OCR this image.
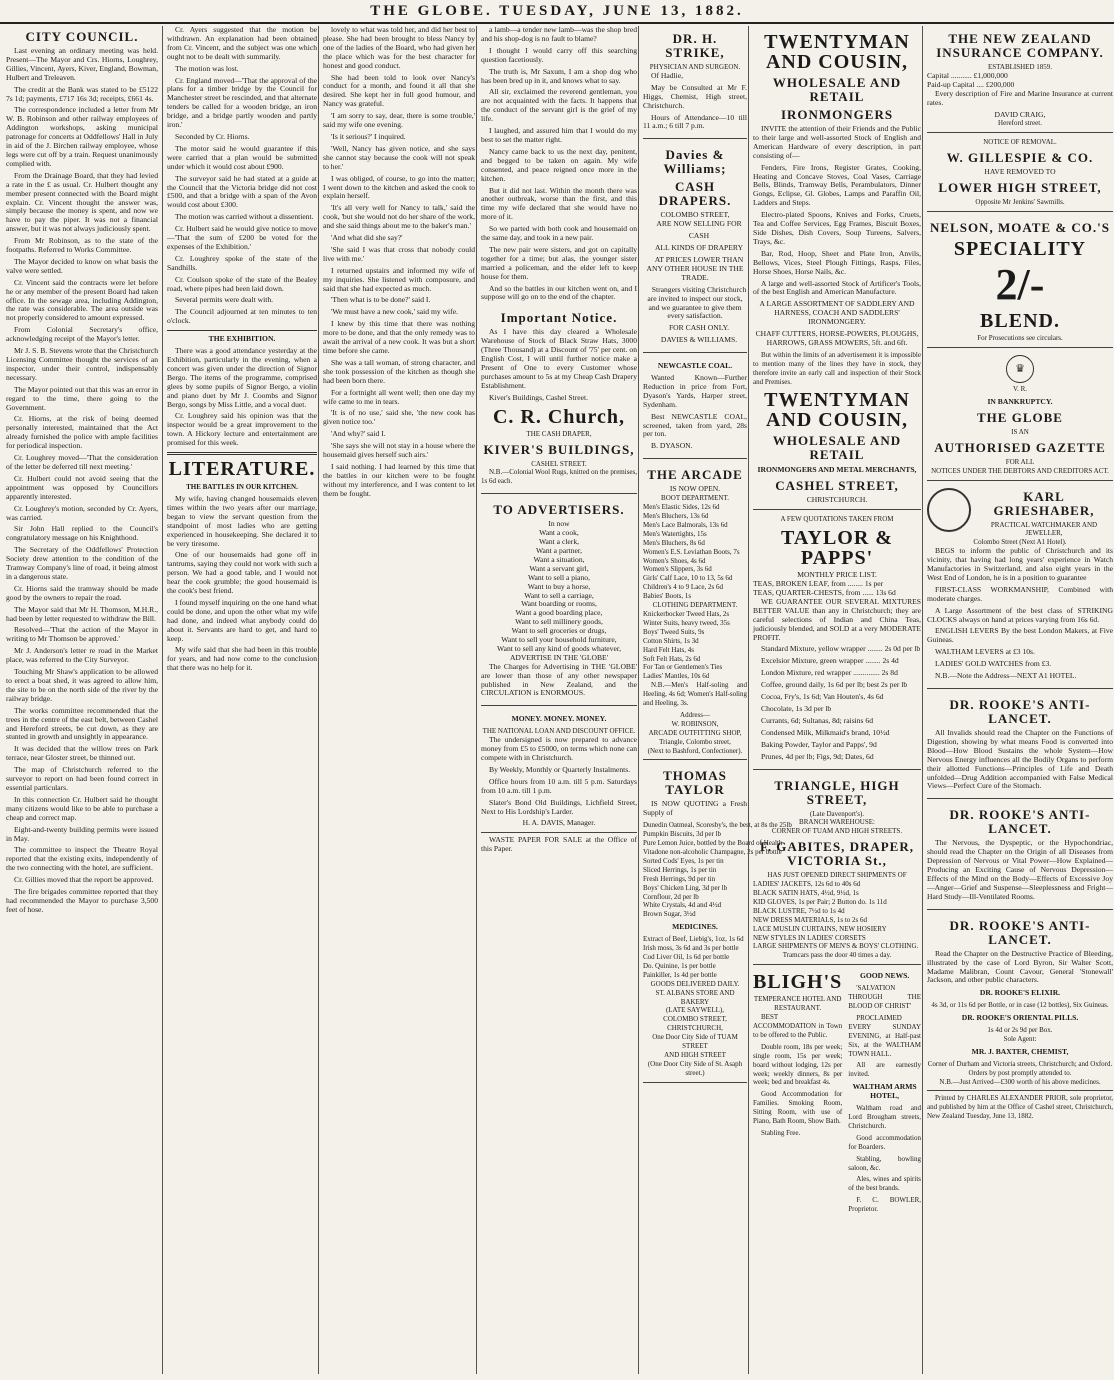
THE GLOBE. TUESDAY, JUNE 13, 1882.
CITY COUNCIL.

Last evening an ordinary meeting was held. Present—The Mayor and Crs. Hiorns, Loughrey, Gillies, Vincent, Ayers, Kiver, England, Bowman, Hulbert and Treleaven.

The credit at the Bank was stated to be £5122 7s 1d; payments, £717 16s 3d; receipts, £661 4s.

The correspondence included a letter from Mr W. B. Robinson and other railway employees of Addington workshops, asking municipal patronage for concerts at Oddfellows' Hall in July in aid of the J. Birchen railway employee, whose legs were cut off by a train. Request unanimously complied with.

From the Drainage Board, that they had levied a rate in the £ as usual. Cr. Hulbert thought any member present connected with the Board might explain. Cr. Vincent thought the answer was, simply because the money is spent, and now we have to pay the piper. It was not a financial answer, but it was not always judiciously spent.

From Mr Robinson, as to the state of the footpaths. Referred to Works Committee.

The Mayor decided to know on what basis the valve were settled.

Cr. Vincent said the contracts were let before he or any member of the present Board had taken office. In the sewage area, including Addington, the rate was considerable. The area outside was not properly considered to amount expressed.

From Colonial Secretary's office, acknowledging receipt of the Mayor's letter.

Mr J. S. B. Stevens wrote that the Christchurch Licensing Committee thought the services of an inspector, under their control, indispensably necessary.

The Mayor pointed out that this was an error in regard to the time, there going to the Government.

Cr. Hiorns, at the risk of being deemed personally interested, maintained that the Act already furnished the police with ample facilities for periodical inspection.

Cr. Loughrey moved—'That the consideration of the letter be deferred till next meeting.'

Cr. Hulbert could not avoid seeing that the appointment was opposed by Councillors apparently interested.

Cr. Loughrey's motion, seconded by Cr. Ayers, was carried.

Sir John Hall replied to the Council's congratulatory message on his Knighthood.

The Secretary of the Oddfellows' Protection Society drew attention to the condition of the Tramway Company's line of road, it being almost in a dangerous state.

Cr. Hiorns said the tramway should be made good by the owners to repair the road.

The Mayor said that Mr H. Thomson, M.H.R., had been by letter requested to withdraw the Bill.

Resolved—'That the action of the Mayor in writing to Mr Thomson be approved.'

Mr J. Anderson's letter re road in the Market place, was referred to the City Surveyor.

Touching Mr Shaw's application to be allowed to erect a boat shed, it was agreed to allow him, the site to be on the north side of the river by the railway bridge.

The works committee recommended that the trees in the centre of the east belt, between Cashel and Hereford streets, be cut down, as they are stunted in growth and unsightly in appearance.

It was decided that the willow trees on Park terrace, near Gloster street, be thinned out.

The map of Christchurch referred to the surveyor to report on had been found correct in essential particulars.

In this connection Cr. Hulbert said he thought many citizens would like to be able to purchase a cheap and correct map.

Eight-and-twenty building permits were issued in May.

The committee to inspect the Theatre Royal reported that the existing exits, independently of the two connecting with the hotel, are sufficient.

Cr. Gillies moved that the report be approved.

The fire brigades committee reported that they had recommended the Mayor to purchase 3,500 feet of hose.

Cr. Ayers suggested that the motion be withdrawn. An explanation had been obtained from Cr. Vincent, and the subject was one which ought not to be dealt with summarily.

The motion was lost.

Cr. England moved—'That the approval of the plans for a timber bridge by the Council for Manchester street be rescinded, and that alternate tenders be called for a wooden bridge, an iron bridge, and a bridge partly wooden and partly iron.'

Seconded by Cr. Hiorns.

The motor said he would guarantee if this were carried that a plan would be submitted under which it would cost about £900.

The surveyor said he had stated at a guide at the Council that the Victoria bridge did not cost £500, and that a bridge with a span of the Avon would cost about £300.

The motion was carried without a dissentient.

Cr. Hulbert said he would give notice to move—'That the sum of £200 be voted for the expenses of the Exhibition.'

Cr. Loughrey spoke of the state of the Sandhills.

Cr. Coulson spoke of the state of the Bealey road, where pipes had been laid down.

Several permits were dealt with.

The Council adjourned at ten minutes to ten o'clock.

THE EXHIBITION.

There was a good attendance yesterday at the Exhibition, particularly in the evening, when a concert was given under the direction of Signor Bergo. The items of the programme, comprised glees by some pupils of Signor Bergo, a violin and piano duet by Mr J. Coombs and Signor Bergo, songs by Miss Little, and a vocal duet.

Cr. Loughrey said his opinion was that the inspector would be a great improvement to the town. A Hickory lecture and entertainment are promised for this week.

LITERATURE.
THE BATTLES IN OUR KITCHEN.

My wife, having changed housemaids eleven times within the two years after our marriage, began to view the servant question from the standpoint of most ladies who are getting experienced in housekeeping. She declared it to be very tiresome.

One of our housemaids had gone off in tantrums, saying they could not work with such a person. We had a good table, and I would not hear the cook grumble; the good housemaid is the cook's best friend.

I found myself inquiring on the one hand what could be done, and upon the other what my wife had done, and indeed what anybody could do about it. Servants are hard to get, and hard to keep.

My wife said that she had been in this trouble for years, and had now come to the conclusion that there was no help for it.

lovely to what was told her, and did her best to please. She had been brought to bless Nancy by one of the ladies of the Board, who had given her the place which was for the best character for honest and good conduct.

She had been told to look over Nancy's conduct for a month, and found it all that she desired. She kept her in full good humour, and Nancy was grateful.

'I am sorry to say, dear, there is some trouble,' said my wife one evening.

'Is it serious?' I inquired.

'Well, Nancy has given notice, and she says she cannot stay because the cook will not speak to her.'

I was obliged, of course, to go into the matter; I went down to the kitchen and asked the cook to explain herself.

'It's all very well for Nancy to talk,' said the cook, 'but she would not do her share of the work, and she said things about me to the baker's man.'

'And what did she say?'

'She said I was that cross that nobody could live with me.'

I returned upstairs and informed my wife of my inquiries. She listened with composure, and said that she had expected as much.

'Then what is to be done?' said I.

'We must have a new cook,' said my wife.

I knew by this time that there was nothing more to be done, and that the only remedy was to await the arrival of a new cook. It was but a short time before she came.

She was a tall woman, of strong character, and she took possession of the kitchen as though she had been born there.

For a fortnight all went well; then one day my wife came to me in tears.

'It is of no use,' said she, 'the new cook has given notice too.'

'And why?' said I.

'She says she will not stay in a house where the housemaid gives herself such airs.'

I said nothing. I had learned by this time that the battles in our kitchen were to be fought without my interference, and I was content to let them be fought.

a lamb—a tender new lamb—was the shop bred and his shop-dog is no fault to blame?

I thought I would carry off this searching question facetiously.

The truth is, Mr Saxum, I am a shop dog who has been bred up in it, and knows what to say.

All sir, exclaimed the reverend gentleman, you are not acquainted with the facts. It happens that the conduct of the servant girl is the grief of my life.

I laughed, and assured him that I would do my best to set the matter right.

Nancy came back to us the next day, penitent, and begged to be taken on again. My wife consented, and peace reigned once more in the kitchen.

But it did not last. Within the month there was another outbreak, worse than the first, and this time my wife declared that she would have no more of it.

So we parted with both cook and housemaid on the same day, and took in a new pair.

The new pair were sisters, and got on capitally together for a time; but alas, the younger sister married a policeman, and the elder left to keep house for them.

And so the battles in our kitchen went on, and I suppose will go on to the end of the chapter.

Important Notice.

As I have this day cleared a Wholesale Warehouse of Stock of Black Straw Hats, 3000 (Three Thousand) at a Discount of '75' per cent. on English Cost, I will until further notice make a Present of One to every Customer whose purchases amount to 5s at my Cheap Cash Drapery Establishment.

Kiver's Buildings, Cashel Street.

C. R. Church,
THE CASH DRAPER,
KIVER'S BUILDINGS,
CASHEL STREET.

N.B.—Colonial Wool Rugs, knitted on the premises, 1s 6d each.

TO ADVERTISERS.
In now
Want a cook,
Want a clerk,
Want a partner,
Want a situation,
Want a servant girl,
Want to sell a piano,
Want to buy a horse,
Want to sell a carriage,
Want boarding or rooms,
Want a good boarding place,
Want to sell millinery goods,
Want to sell groceries or drugs,
Want to sell your household furniture,
Want to sell any kind of goods whatever,
ADVERTISE IN THE 'GLOBE'

The Charges for Advertising in THE 'GLOBE' are lower than those of any other newspaper published in New Zealand, and the CIRCULATION is ENORMOUS.

MONEY. MONEY. MONEY.
THE NATIONAL LOAN AND DISCOUNT OFFICE.

The undersigned is now prepared to advance money from £5 to £5000, on terms which none can compete with in Christchurch.

By Weekly, Monthly or Quarterly Instalments.

Office hours from 10 a.m. till 5 p.m. Saturdays from 10 a.m. till 1 p.m.

Slater's Bond Old Buildings, Lichfield Street, Next to His Lordship's Larder.

H. A. DAVIS, Manager.

WASTE PAPER FOR SALE at the Office of this Paper.

DR. H. STRIKE,
PHYSICIAN AND SURGEON.

Of Hadlie,

May be Consulted at Mr F. Higgs, Chemist, High street, Christchurch.

Hours of Attendance—10 till 11 a.m.; 6 till 7 p.m.

Davies & Williams;
CASH DRAPERS.
COLOMBO STREET,

ARE NOW SELLING FOR

CASH

ALL KINDS OF DRAPERY

AT PRICES LOWER THAN ANY OTHER HOUSE IN THE TRADE.

Strangers visiting Christchurch are invited to inspect our stock, and we guarantee to give them every satisfaction.

FOR CASH ONLY.

DAVIES & WILLIAMS.

NEWCASTLE COAL.

Wanted Known—Further Reduction in price from Fort, Dyason's Yards, Harper street, Sydenham.

Best NEWCASTLE COAL, screened, taken from yard, 28s per ton.

B. DYASON.

THE ARCADE
IS NOW OPEN.
BOOT DEPARTMENT.
Men's Elastic Sides, 12s 6d
Men's Bluchers, 13s 6d
Men's Lace Balmorals, 13s 6d
Men's Watertights, 15s
Men's Bluchers, 8s 6d
Women's E.S. Leviathan Boots, 7s
Women's Shoes, 4s 6d
Women's Slippers, 3s 6d
Girls' Calf Lace, 10 to 13, 5s 6d
Children's 4 to 9 Lace, 2s 6d
Babies' Boots, 1s
CLOTHING DEPARTMENT.
Knickerbocker Tweed Hats, 2s
Winter Suits, heavy tweed, 35s
Boys' Tweed Suits, 9s
Cotton Shirts, 1s 3d
Hard Felt Hats, 4s
Soft Felt Hats, 2s 6d
For Tan or Gentlemen's Ties
Ladies' Mantles, 10s 6d

N.B.—Men's Half-soling and Heeling, 4s 6d; Women's Half-soling and Heeling, 3s.

Address—
W. ROBINSON,
ARCADE OUTFITTING SHOP,
Triangle, Colombo street,
(Next to Bashford, Confectioner).
THOMAS TAYLOR

IS NOW QUOTING a Fresh Supply of

Dunedin Oatmeal, Scoresby's, the best, at 8s the 25lb
Pumpkin Biscuits, 3d per lb
Pure Lemon Juice, bottled by the Board of Health
Vitadone non-alcoholic Champagne, 2s per bottle
Sorted Cods' Eyes, 1s per tin
Sliced Herrings, 1s per tin
Fresh Herrings, 9d per tin
Boys' Chicken Ling, 3d per lb
Cornflour, 2d per lb
White Crystals, 4d and 4½d
Brown Sugar, 3½d
MEDICINES.
Extract of Beef, Liebig's, 1oz, 1s 6d
Irish moss, 3s 6d and 3s per bottle
Cod Liver Oil, 1s 6d per bottle
Do. Quinine, 1s per bottle
Painkiller, 1s 4d per bottle
GOODS DELIVERED DAILY.
ST. ALBANS STORE AND BAKERY
(LATE SAYWELL),
COLOMBO STREET, CHRISTCHURCH,
One Door City Side of TUAM STREET
AND HIGH STREET
(One Door City Side of St. Asaph street.)
TWENTYMAN AND COUSIN,
WHOLESALE AND RETAIL
IRONMONGERS

INVITE the attention of their Friends and the Public to their large and well-assorted Stock of English and American Hardware of every description, in part consisting of—

Fenders, Fire Irons, Register Grates, Cooking, Heating and Concave Stoves, Coal Vases, Carriage Bells, Blinds, Tramway Bells, Perambulators, Dinner Gongs, Eclipse, Gl. Globes, Lamps and Paraffin Oil, Ladders and Steps.

Electro-plated Spoons, Knives and Forks, Cruets, Tea and Coffee Services, Egg Frames, Biscuit Boxes, Side Dishes, Dish Covers, Soup Tureens, Salvers, Trays, &c.

Bar, Rod, Hoop, Sheet and Plate Iron, Anvils, Bellows, Vices, Steel Plough Fittings, Rasps, Files, Horse Shoes, Horse Nails, &c.

A large and well-assorted Stock of Artificer's Tools, of the best English and American Manufacture.

A LARGE ASSORTMENT OF SADDLERY AND HARNESS, COACH AND SADDLERS' IRONMONGERY.

CHAFF CUTTERS, HORSE-POWERS, PLOUGHS, HARROWS, GRASS MOWERS, 5ft. and 6ft.

But within the limits of an advertisement it is impossible to mention many of the lines they have in stock, they therefore invite an early call and inspection of their Stock and Premises.

TWENTYMAN AND COUSIN,
WHOLESALE AND RETAIL
IRONMONGERS AND METAL MERCHANTS,
CASHEL STREET,
CHRISTCHURCH.
A FEW QUOTATIONS TAKEN FROM
TAYLOR & PAPPS'
MONTHLY PRICE LIST.
TEAS, BROKEN LEAF, from ........ 1s per
TEAS, QUARTER-CHESTS, from ...... 13s 6d

WE GUARANTEE OUR SEVERAL MIXTURES BETTER VALUE than any in Christchurch; they are careful selections of Indian and China Teas, judiciously blended, and SOLD at a very MODERATE PROFIT.

Standard Mixture, yellow wrapper ........ 2s 0d per lb

Excelsior Mixture, green wrapper ........ 2s 4d

London Mixture, red wrapper .............. 2s 8d

Coffee, ground daily, 1s 6d per lb; best 2s per lb

Cocoa, Fry's, 1s 6d; Van Houten's, 4s 6d

Chocolate, 1s 3d per lb

Currants, 6d; Sultanas, 8d; raisins 6d

Condensed Milk, Milkmaid's brand, 10½d

Baking Powder, Taylor and Papps', 9d

Prunes, 4d per lb; Figs, 9d; Dates, 6d

TRIANGLE, HIGH STREET,
(Late Davenport's).
BRANCH WAREHOUSE:
CORNER OF TUAM AND HIGH STREETS.
F. GABITES, DRAPER, VICTORIA St.,
HAS JUST OPENED DIRECT SHIPMENTS OF
LADIES' JACKETS, 12s 6d to 40s 6d
BLACK SATIN HATS, 4½d, 9½d, 1s
KID GLOVES, 1s per Pair; 2 Button do. 1s 11d
BLACK LUSTRE, 7½d to 1s 4d
NEW DRESS MATERIALS, 1s to 2s 6d
LACE MUSLIN CURTAINS, NEW HOSIERY
NEW STYLES IN LADIES' CORSETS
LARGE SHIPMENTS OF MEN'S & BOYS' CLOTHING.
Tramcars pass the door 40 times a day.
BLIGH'S
TEMPERANCE HOTEL AND RESTAURANT.

BEST ACCOMMODATION in Town to be offered to the Public.

Double room, 18s per week; single room, 15s per week; board without lodging, 12s per week; weekly dinners, 8s per week; bed and breakfast 4s.

Good Accommodation for Families. Smoking Room, Sitting Room, with use of Piano, Bath Room, Show Bath.

Stabling Free.

GOOD NEWS.

'SALVATION THROUGH THE BLOOD OF CHRIST'

PROCLAIMED EVERY SUNDAY EVENING, at Half-past Six, at the WALTHAM TOWN HALL.

All are earnestly invited.

WALTHAM ARMS HOTEL,

Waltham road and Lord Brougham streets, Christchurch.

Good accommodation for Boarders.

Stabling, bowling saloon, &c.

Ales, wines and spirits of the best brands.

F. C. BOWLER, Proprietor.

THE NEW ZEALAND INSURANCE COMPANY.
ESTABLISHED 1859.
Capital ........... £1,000,000
Paid-up Capital .... £200,000

Every description of Fire and Marine Insurance at current rates.

DAVID CRAIG,
Hereford street.
NOTICE OF REMOVAL.
W. GILLESPIE & CO.
HAVE REMOVED TO
LOWER HIGH STREET,
Opposite Mr Jenkins' Sawmills.
NELSON, MOATE & CO.'S
SPECIALITY
2/-
BLEND.
For Prosecutions see circulars.
♛
V. R.
IN BANKRUPTCY.
THE GLOBE
IS AN
AUTHORISED GAZETTE
FOR ALL
NOTICES UNDER THE DEBTORS AND CREDITORS ACT.
KARL GRIESHABER,
PRACTICAL WATCHMAKER AND JEWELLER,
Colombo Street (Next A1 Hotel).

BEGS to inform the public of Christchurch and its vicinity, that having had long years' experience in Watch Manufactories in Switzerland, and also eight years in the West End of London, he is in a position to guarantee

FIRST-CLASS WORKMANSHIP, Combined with moderate charges.

A Large Assortment of the best class of STRIKING CLOCKS always on hand at prices varying from 16s 6d.

ENGLISH LEVERS By the best London Makers, at Five Guineas.

WALTHAM LEVERS at £3 10s.

LADIES' GOLD WATCHES from £3.

N.B.—Note the Address—NEXT A1 HOTEL.

DR. ROOKE'S ANTI-LANCET.

All Invalids should read the Chapter on the Functions of Digestion, showing by what means Food is converted into Blood—How Blood Sustains the whole System—How Nervous Energy influences all the Bodily Organs to perform their allotted Functions—Principles of Life and Death unfolded—Drug Addition accompanied with False Medical Views—Perfect Cure of the Stomach.

DR. ROOKE'S ANTI-LANCET.

The Nervous, the Dyspeptic, or the Hypochondriac, should read the Chapter on the Origin of all Diseases from Depression of Nervous or Vital Power—How Explained—Producing an Exciting Cause of Nervous Depression—Effects of the Mind on the Body—Effects of Excessive Joy—Anger—Grief and Suspense—Sleeplessness and Fright—Hard Study—Ill-Ventilated Rooms.

DR. ROOKE'S ANTI-LANCET.

Read the Chapter on the Destructive Practice of Bleeding, illustrated by the case of Lord Byron, Sir Walter Scott, Madame Malibran, Count Cavour, General 'Stonewall' Jackson, and other public characters.

DR. ROOKE'S ELIXIR.
4s 3d, or 11s 6d per Bottle, or in case (12 bottles), Six Guineas.
DR. ROOKE'S ORIENTAL PILLS.
1s 4d or 2s 9d per Box.
Sole Agent:
MR. J. BAXTER, CHEMIST,
Corner of Durham and Victoria streets, Christchurch; and Oxford.
Orders by post promptly attended to.
N.B.—Just Arrived—£300 worth of his above medicines.

Printed by CHARLES ALEXANDER PRIOR, sole proprietor, and published by him at the Office of Cashel street, Christchurch, New Zealand Tuesday, June 13, 1882.
